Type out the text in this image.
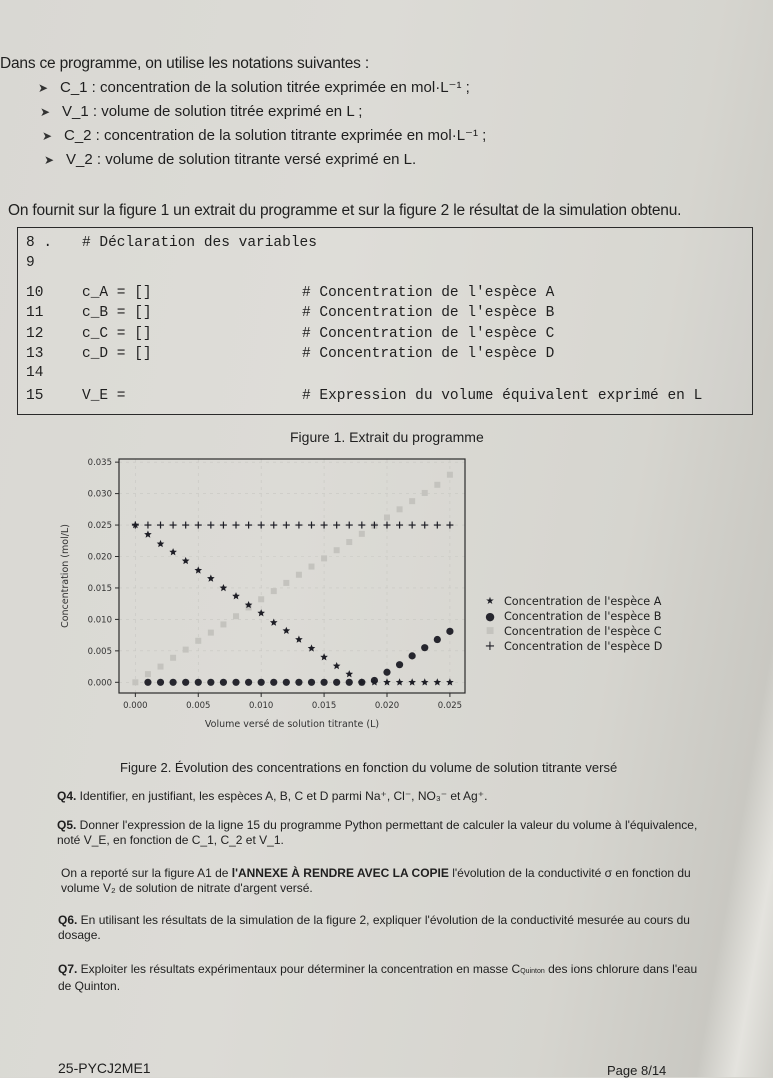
Dans ce programme, on utilise les notations suivantes :
➤ C_1 : concentration de la solution titrée exprimée en mol·L⁻¹ ;
➤ V_1 : volume de solution titrée exprimé en L ;
➤ C_2 : concentration de la solution titrante exprimée en mol·L⁻¹ ;
➤ V_2 : volume de solution titrante versé exprimé en L.
On fournit sur la figure 1 un extrait du programme et sur la figure 2 le résultat de la simulation obtenu.
8 . # Déclaration des variables
9
10	c_A = []	# Concentration de l'espèce A
11	c_B = []	# Concentration de l'espèce B
12	c_C = []	# Concentration de l'espèce C
13	c_D = []	# Concentration de l'espèce D
14
15	V_E =	# Expression du volume équivalent exprimé en L
Figure 1. Extrait du programme
0.000
0.005
0.010
0.015
0.020
0.025
0.030
0.035
0.000	0.005	0.010	0.015	0.020	0.025
Concentration (mol/L)
Volume versé de solution titrante (L)
★ Concentration de l'espèce A
● Concentration de l'espèce B
■ Concentration de l'espèce C
+ Concentration de l'espèce D
Figure 2. Évolution des concentrations en fonction du volume de solution titrante versé
Q4. Identifier, en justifiant, les espèces A, B, C et D parmi Na⁺, Cl⁻, NO₃⁻ et Ag⁺.
Q5. Donner l'expression de la ligne 15 du programme Python permettant de calculer la valeur du volume à l'équivalence, noté V_E, en fonction de C_1, C_2 et V_1.
On a reporté sur la figure A1 de l'ANNEXE À RENDRE AVEC LA COPIE l'évolution de la conductivité σ en fonction du volume V₂ de solution de nitrate d'argent versé.
Q6. En utilisant les résultats de la simulation de la figure 2, expliquer l'évolution de la conductivité mesurée au cours du dosage.
Q7. Exploiter les résultats expérimentaux pour déterminer la concentration en masse CQuinton des ions chlorure dans l'eau de Quinton.
25-PYCJ2ME1	Page 8/14
